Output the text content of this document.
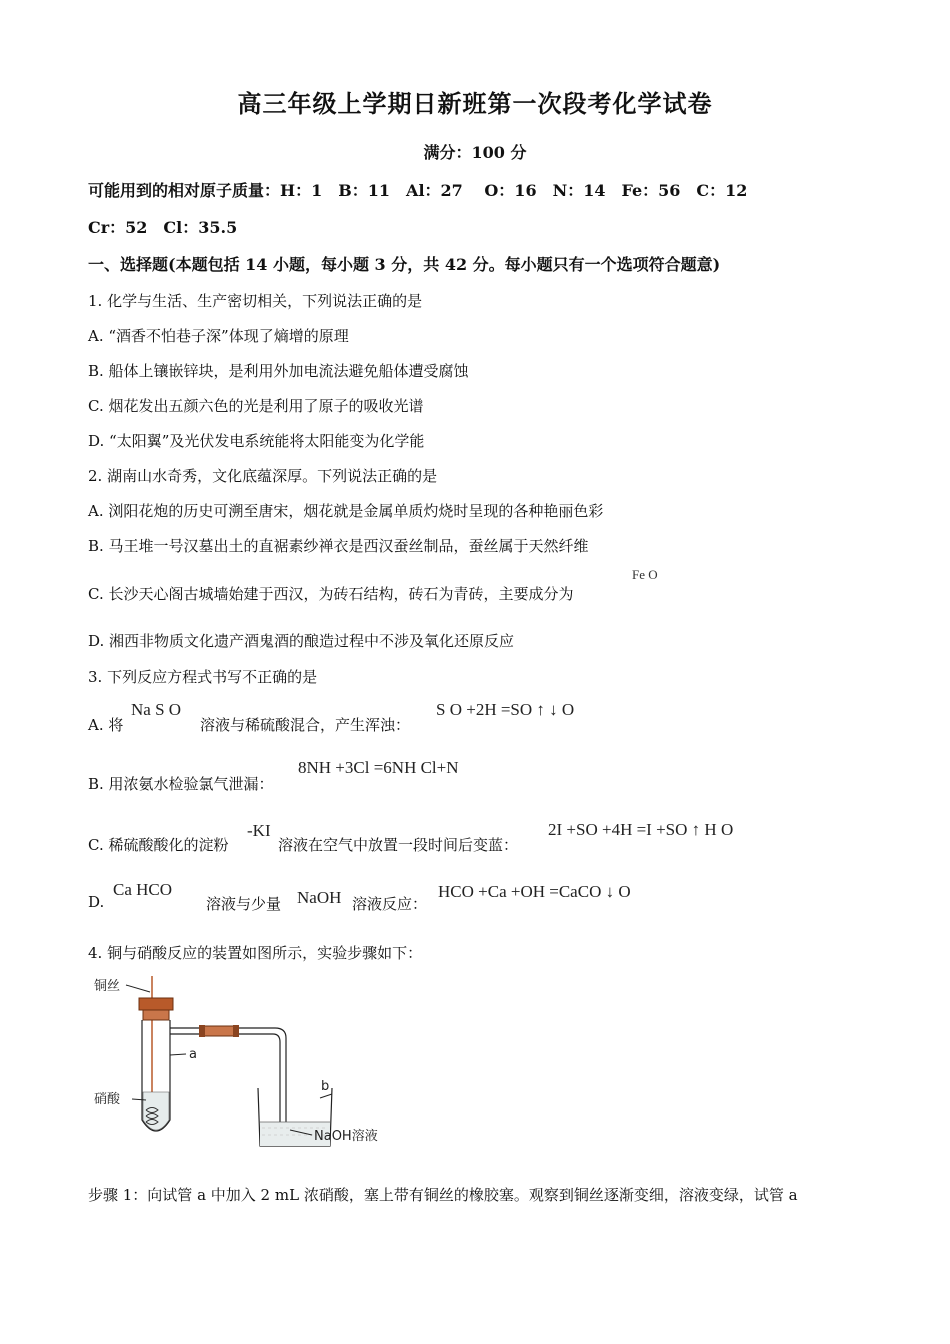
高三年级上学期日新班第一次段考化学试卷
满分：100 分
可能用到的相对原子质量：H：1　B：11　Al：27　 O：16　N：14　Fe：56　C：12
Cr：52　Cl：35.5
一、选择题(本题包括 14 小题，每小题 3 分，共 42 分。每小题只有一个选项符合题意)
1. 化学与生活、生产密切相关，下列说法正确的是
A. “酒香不怕巷子深”体现了熵增的原理
B. 船体上镶嵌锌块，是利用外加电流法避免船体遭受腐蚀
C. 烟花发出五颜六色的光是利用了原子的吸收光谱
D. “太阳翼”及光伏发电系统能将太阳能变为化学能
2. 湖南山水奇秀，文化底蕴深厚。下列说法正确的是
A. 浏阳花炮的历史可溯至唐宋，烟花就是金属单质灼烧时呈现的各种艳丽色彩
B. 马王堆一号汉墓出土的直裾素纱禅衣是西汉蚕丝制品，蚕丝属于天然纤维
C. 长沙天心阁古城墙始建于西汉，为砖石结构，砖石为青砖，主要成分为
Fe O
D. 湘西非物质文化遗产酒鬼酒的酿造过程中不涉及氧化还原反应
3. 下列反应方程式书写不正确的是
A. 将
Na S O
溶液与稀硫酸混合，产生浑浊：
S O +2H =SO ↑ ↓ O
B. 用浓氨水检验氯气泄漏：
8NH +3Cl =6NH Cl+N
C. 稀硫酸酸化的淀粉
-KI
溶液在空气中放置一段时间后变蓝：
2I +SO +4H =I +SO ↑ H O
D.
Ca HCO
溶液与少量 NaOH 溶液反应：
HCO +Ca +OH =CaCO ↓ O
4. 铜与硝酸反应的装置如图所示，实验步骤如下：
铜丝
a
硝酸
b
NaOH溶液
步骤 1：向试管 a 中加入 2 mL 浓硝酸，塞上带有铜丝的橡胶塞。观察到铜丝逐渐变细，溶液变绿，试管 a
